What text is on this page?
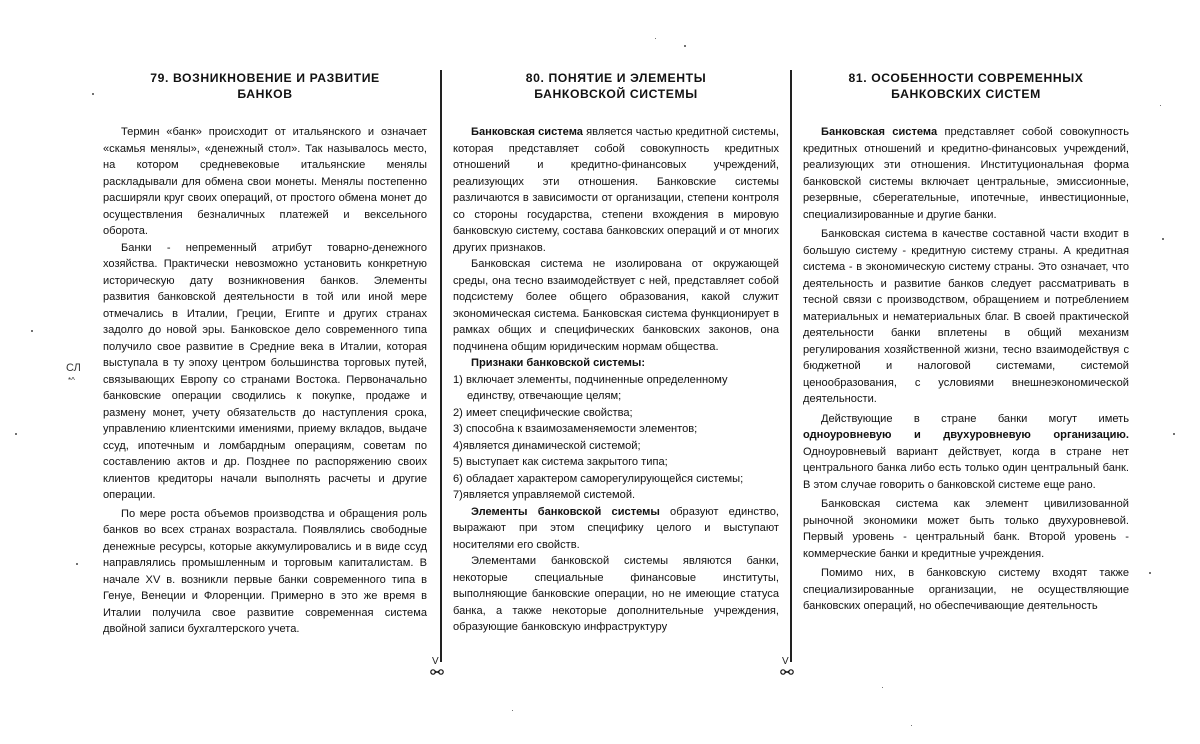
79. ВОЗНИКНОВЕНИЕ И РАЗВИТИЕ
БАНКОВ

Термин «банк» происходит от итальянского и означает «скамья менялы», «денежный стол». Так называлось место, на котором средневековые итальянские менялы раскладывали для обмена свои монеты. Менялы постепенно расширяли круг своих операций, от простого обмена монет до осуществления безналичных платежей и вексельного оборота.

Банки - непременный атрибут товарно-денежного хозяйства. Практически невозможно установить конкретную историческую дату возникновения банков. Элементы развития банковской деятельности в той или иной мере отмечались в Италии, Греции, Египте и других странах задолго до новой эры. Банковское дело современного типа получило свое развитие в Средние века в Италии, которая выступала в ту эпоху центром большинства торговых путей, связывающих Европу со странами Востока. Первоначально банковские операции сводились к покупке, продаже и размену монет, учету обязательств до наступления срока, управлению клиентскими имениями, приему вкладов, выдаче ссуд, ипотечным и ломбардным операциям, советам по составлению актов и др. Позднее по распоряжению своих клиентов кредиторы начали выполнять расчеты и другие операции.

По мере роста объемов производства и обращения роль банков во всех странах возрастала. Появлялись свободные денежные ресурсы, которые аккумулировались и в виде ссуд направлялись промышленным и торговым капиталистам. В начале XV в. возникли первые банки современного типа в Генуе, Венеции и Флоренции. Примерно в это же время в Италии получила свое развитие современная система двойной записи бухгалтерского учета.

80. ПОНЯТИЕ И ЭЛЕМЕНТЫ
БАНКОВСКОЙ СИСТЕМЫ

Банковская система является частью кредитной системы, которая представляет собой совокупность кредитных отношений и кредитно-финансовых учреждений, реализующих эти отношения. Банковские системы различаются в зависимости от организации, степени контроля со стороны государства, степени вхождения в мировую банковскую систему, состава банковских операций и от многих других признаков.

Банковская система не изолирована от окружающей среды, она тесно взаимодействует с ней, представляет собой подсистему более общего образования, какой служит экономическая система. Банковская система функционирует в рамках общих и специфических банковских законов, она подчинена общим юридическим нормам общества.

Признаки банковской системы:

1) включает элементы, подчиненные определенному единству, отвечающие целям;
2) имеет специфические свойства;
3) способна к взаимозаменяемости элементов;
4)является динамической системой;
5) выступает как система закрытого типа;
6) обладает характером саморегулирующейся системы;
7)является управляемой системой.

Элементы банковской системы образуют единство, выражают при этом специфику целого и выступают носителями его свойств.

Элементами банковской системы являются банки, некоторые специальные финансовые институты, выполняющие банковские операции, но не имеющие статуса банка, а также некоторые дополнительные учреждения, образующие банковскую инфраструктуру

81. ОСОБЕННОСТИ СОВРЕМЕННЫХ
БАНКОВСКИХ СИСТЕМ

Банковская система представляет собой совокупность кредитных отношений и кредитно-финансовых учреждений, реализующих эти отношения. Институциональная форма банковской системы включает центральные, эмиссионные, резервные, сберегательные, ипотечные, инвестиционные, специализированные и другие банки.

Банковская система в качестве составной части входит в большую систему - кредитную систему страны. А кредитная система - в экономическую систему страны. Это означает, что деятельность и развитие банков следует рассматривать в тесной связи с производством, обращением и потреблением материальных и нематериальных благ. В своей практической деятельности банки вплетены в общий механизм регулирования хозяйственной жизни, тесно взаимодействуя с бюджетной и налоговой системами, системой ценообразования, с условиями внешнеэкономической деятельности.

Действующие в стране банки могут иметь одноуровневую и двухуровневую организацию. Одноуровневый вариант действует, когда в стране нет центрального банка либо есть только один центральный банк. В этом случае говорить о банковской системе еще рано.

Банковская система как элемент цивилизованной рыночной экономики может быть только двухуровневой. Первый уровень - центральный банк. Второй уровень - коммерческие банки и кредитные учреждения.

Помимо них, в банковскую систему входят также специализированные организации, не осуществляющие банковских операций, но обеспечивающие деятельность

СЛ
*^
V	V
